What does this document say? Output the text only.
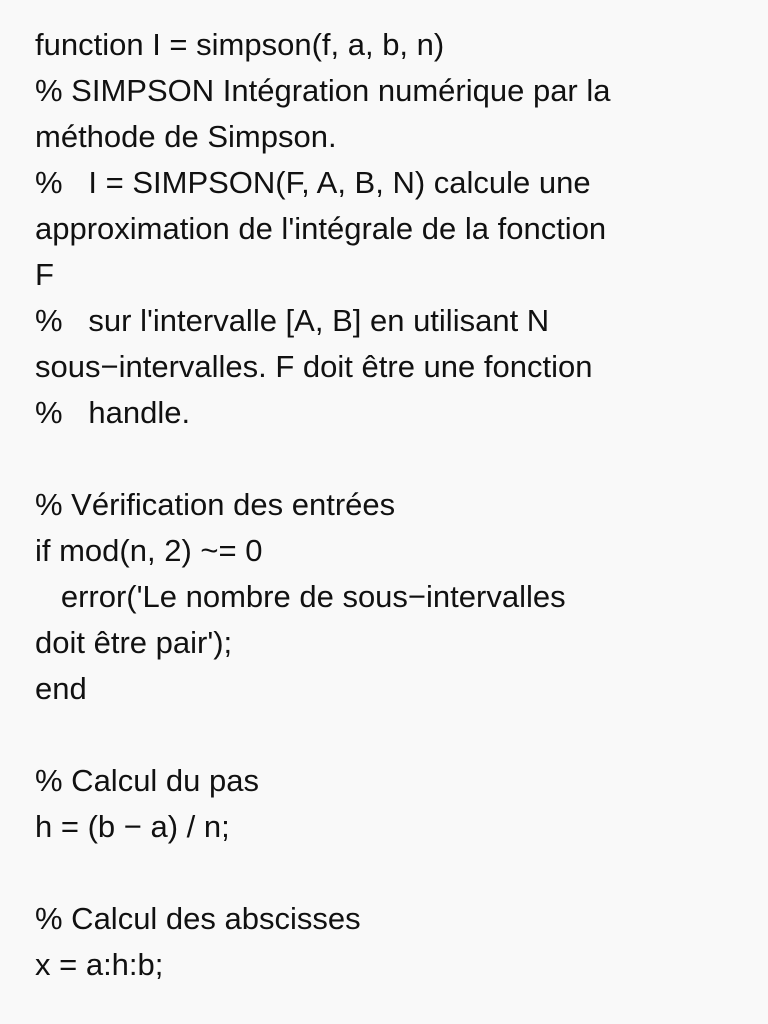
function I = simpson(f, a, b, n)
% SIMPSON Intégration numérique par la
méthode de Simpson.
%   I = SIMPSON(F, A, B, N) calcule une
approximation de l'intégrale de la fonction
F
%   sur l'intervalle [A, B] en utilisant N
sous−intervalles. F doit être une fonction
%   handle.
% Vérification des entrées
if mod(n, 2) ~= 0
error('Le nombre de sous−intervalles
doit être pair');
end
% Calcul du pas
h = (b − a) / n;
% Calcul des abscisses
x = a:h:b;
